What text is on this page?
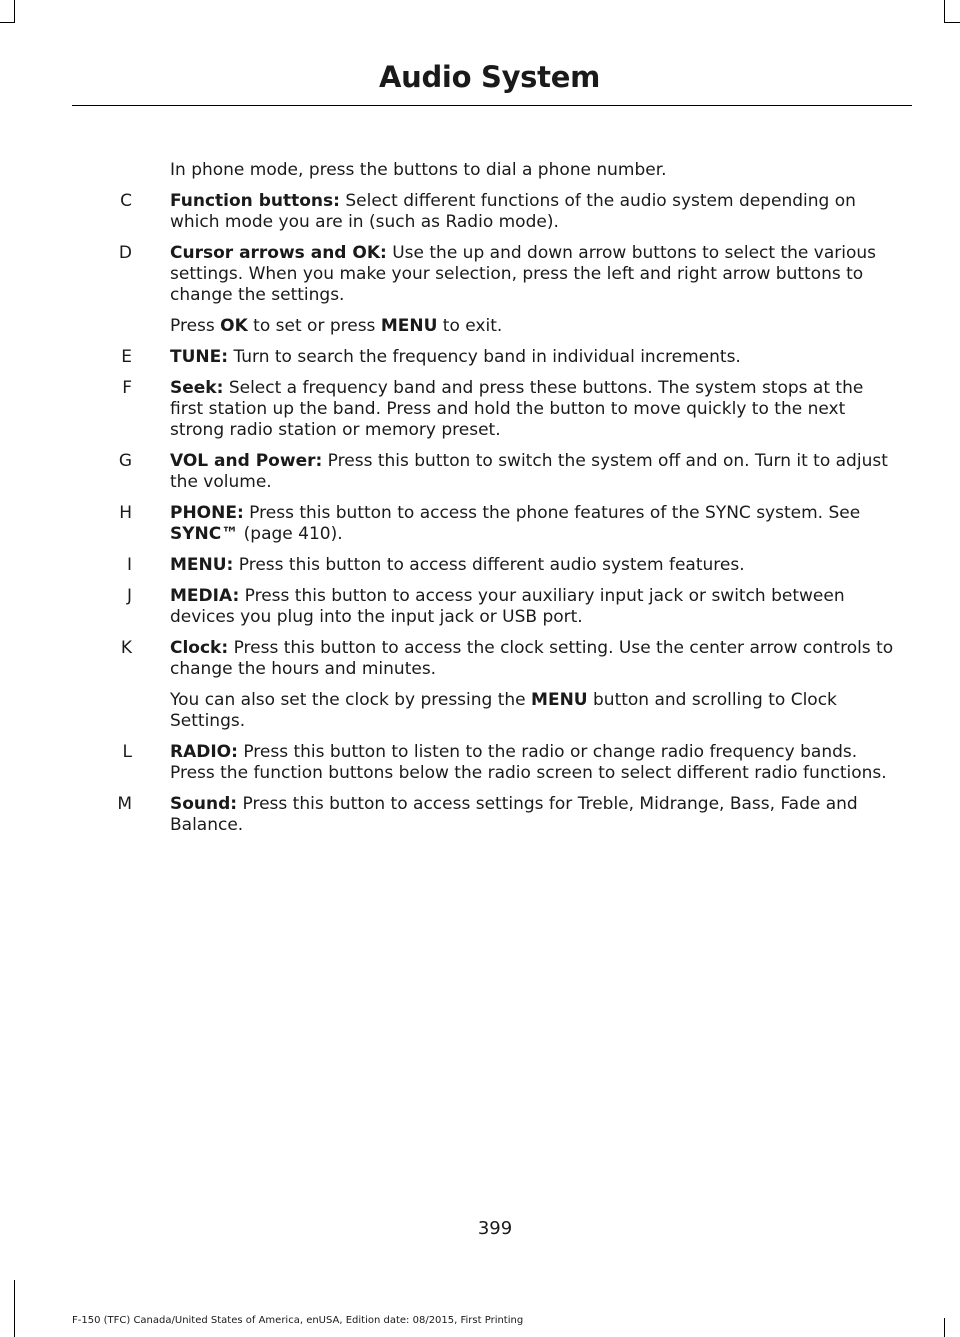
Audio System
In phone mode, press the buttons to dial a phone number.
C Function buttons: Select different functions of the audio system depending on which mode you are in (such as Radio mode).
D Cursor arrows and OK: Use the up and down arrow buttons to select the various settings. When you make your selection, press the left and right arrow buttons to change the settings.
Press OK to set or press MENU to exit.
E TUNE: Turn to search the frequency band in individual increments.
F Seek: Select a frequency band and press these buttons. The system stops at the first station up the band. Press and hold the button to move quickly to the next strong radio station or memory preset.
G VOL and Power: Press this button to switch the system off and on. Turn it to adjust the volume.
H PHONE: Press this button to access the phone features of the SYNC system. See SYNC™ (page 410).
I MENU: Press this button to access different audio system features.
J MEDIA: Press this button to access your auxiliary input jack or switch between devices you plug into the input jack or USB port.
K Clock: Press this button to access the clock setting. Use the center arrow controls to change the hours and minutes.
You can also set the clock by pressing the MENU button and scrolling to Clock Settings.
L RADIO: Press this button to listen to the radio or change radio frequency bands. Press the function buttons below the radio screen to select different radio functions.
M Sound: Press this button to access settings for Treble, Midrange, Bass, Fade and Balance.
399
F-150 (TFC) Canada/United States of America, enUSA, Edition date: 08/2015, First Printing
